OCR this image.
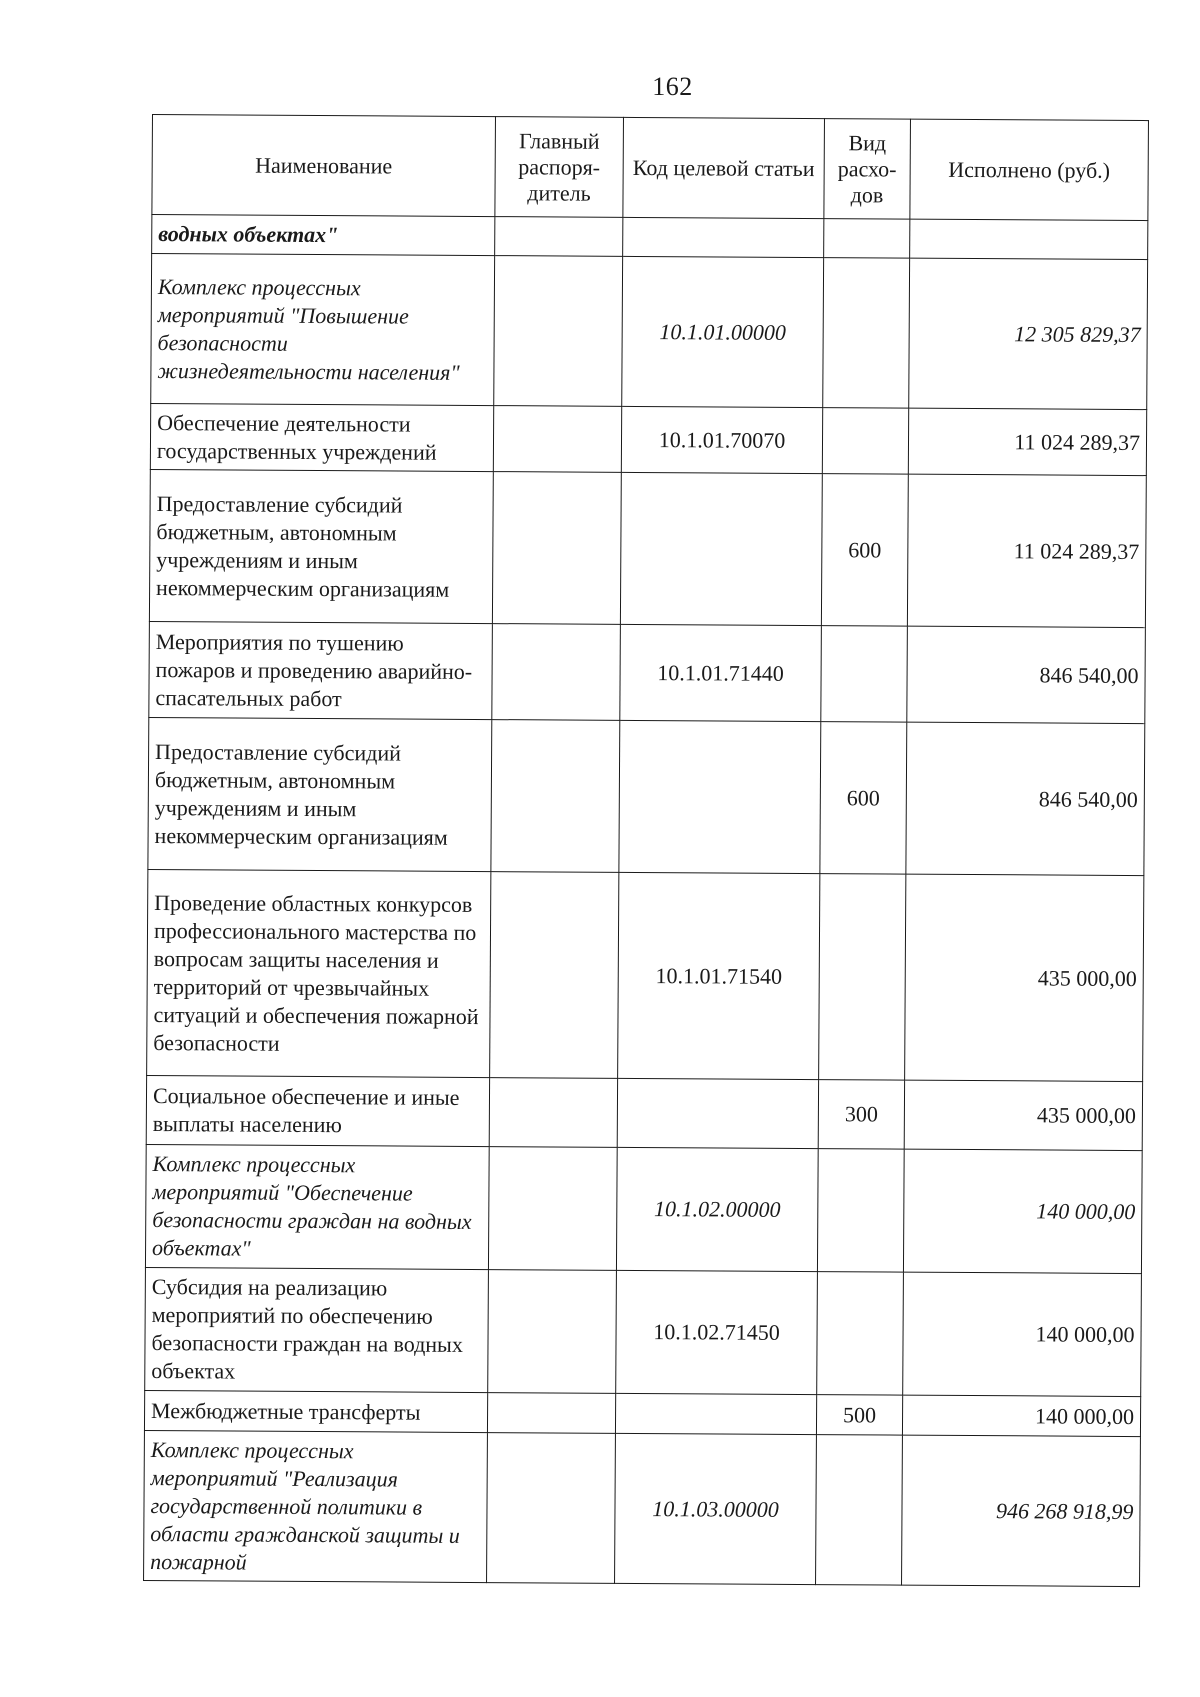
162
Наименование	Главный распоря-дитель	Код целевой статьи	Вид расхо-дов	Исполнено (руб.)
водных объектах"				
Комплекс процессных мероприятий "Повышение безопасности жизнедеятельности населения"		10.1.01.00000		12 305 829,37
Обеспечение деятельности государственных учреждений		10.1.01.70070		11 024 289,37
Предоставление субсидий бюджетным, автономным учреждениям и иным некоммерческим организациям			600	11 024 289,37
Мероприятия по тушению пожаров и проведению аварийно-спасательных работ		10.1.01.71440		846 540,00
Предоставление субсидий бюджетным, автономным учреждениям и иным некоммерческим организациям			600	846 540,00
Проведение областных конкурсов профессионального мастерства по вопросам защиты населения и территорий от чрезвычайных ситуаций и обеспечения пожарной безопасности		10.1.01.71540		435 000,00
Социальное обеспечение и иные выплаты населению			300	435 000,00
Комплекс процессных мероприятий "Обеспечение безопасности граждан на водных объектах"		10.1.02.00000		140 000,00
Субсидия на реализацию мероприятий по обеспечению безопасности граждан на водных объектах		10.1.02.71450		140 000,00
Межбюджетные трансферты			500	140 000,00
Комплекс процессных мероприятий "Реализация государственной политики в области гражданской защиты и пожарной		10.1.03.00000		946 268 918,99
